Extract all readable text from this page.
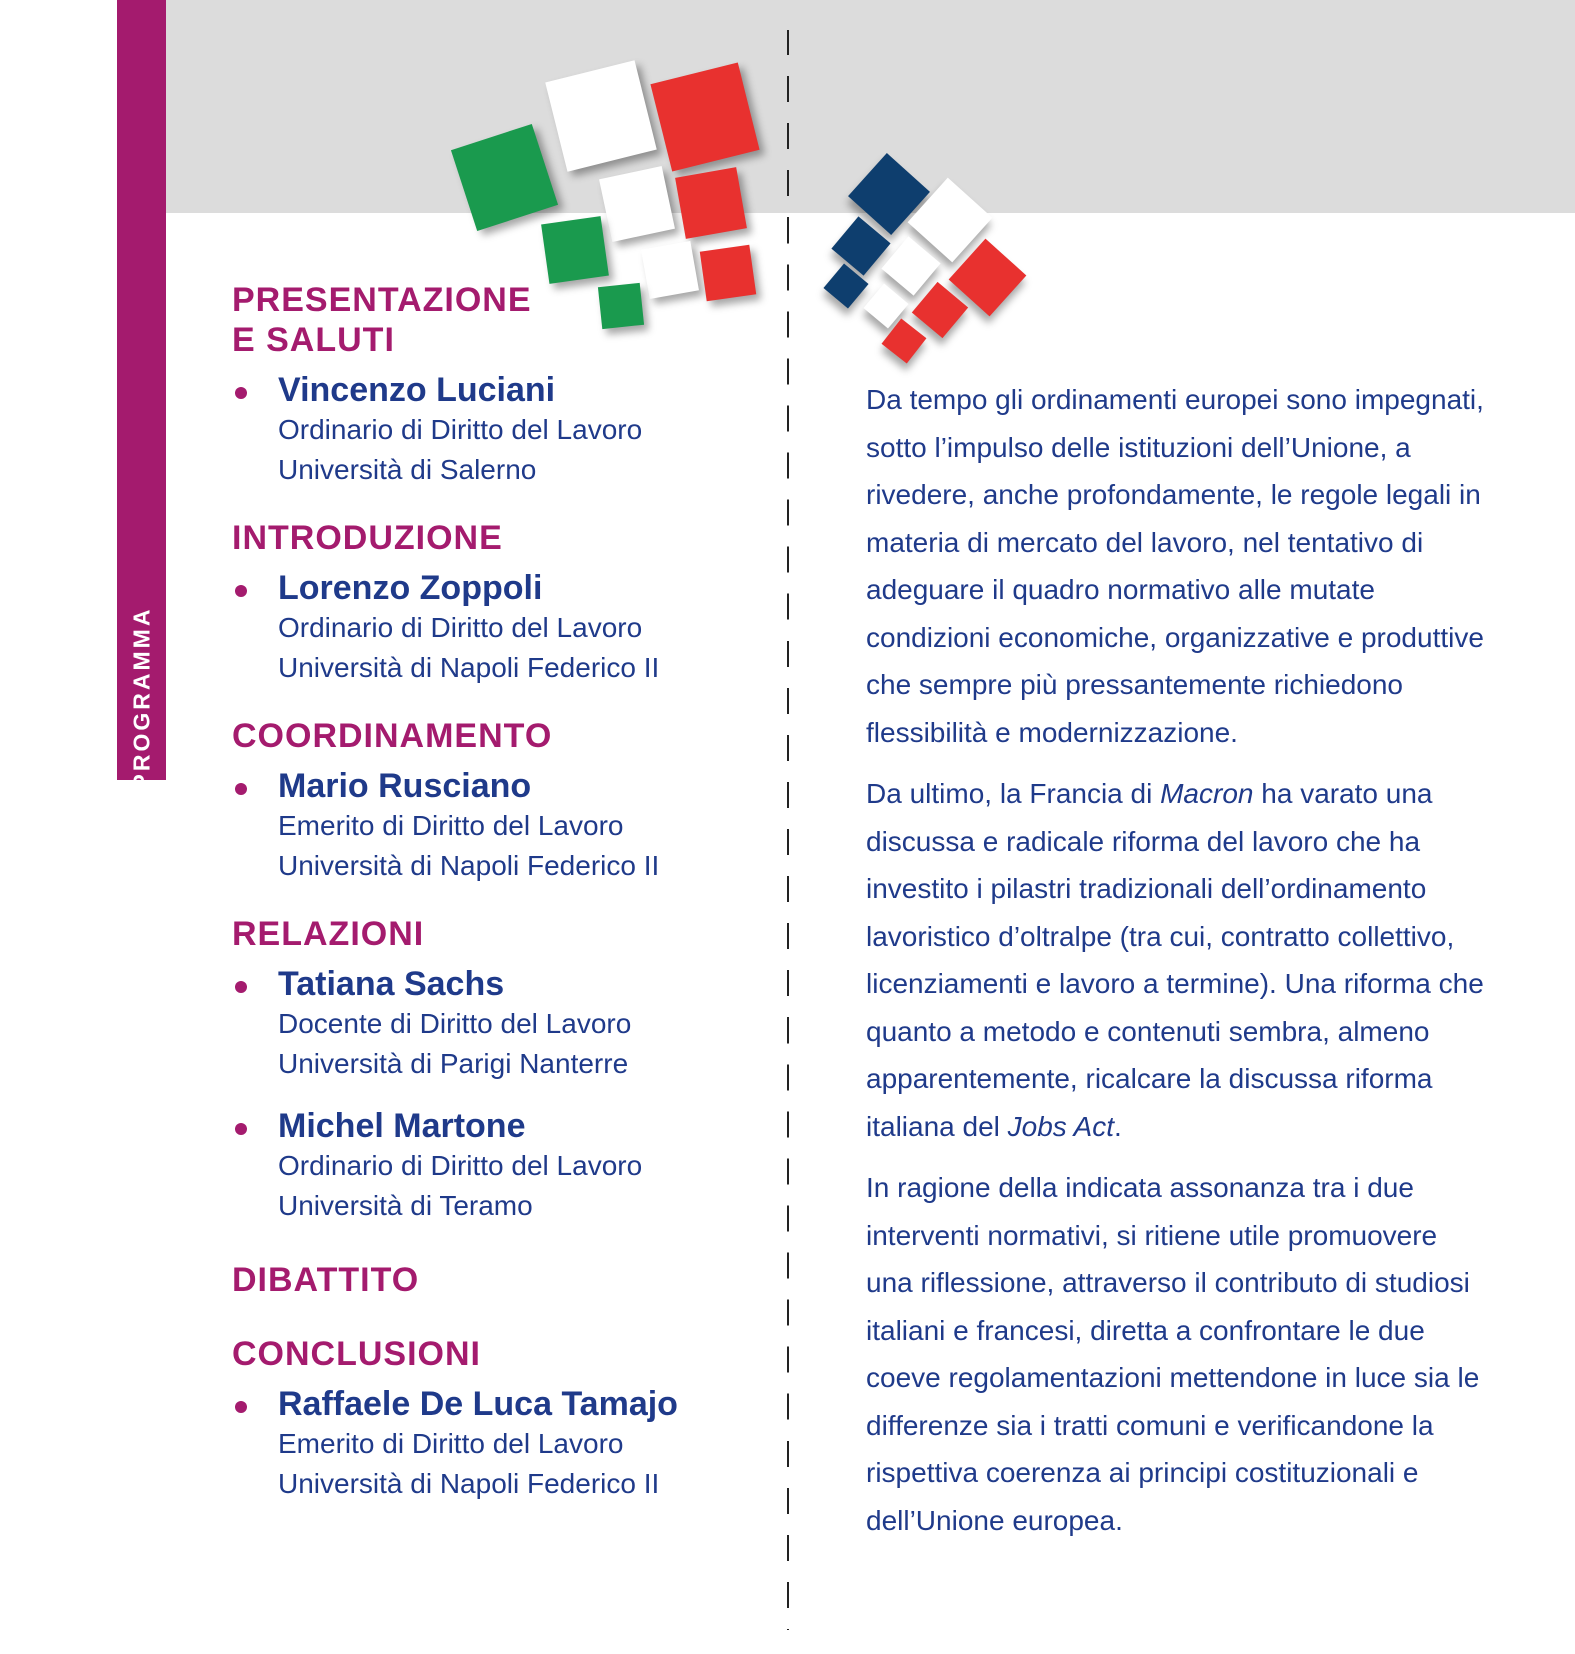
PROGRAMMA
PRESENTAZIONE
E SALUTI
Vincenzo Luciani
Ordinario di Diritto del Lavoro
Università di Salerno
INTRODUZIONE
Lorenzo Zoppoli
Ordinario di Diritto del Lavoro
Università di Napoli Federico II
COORDINAMENTO
Mario Rusciano
Emerito di Diritto del Lavoro
Università di Napoli Federico II
RELAZIONI
Tatiana Sachs
Docente di Diritto del Lavoro
Università di Parigi Nanterre
Michel Martone
Ordinario di Diritto del Lavoro
Università di Teramo
DIBATTITO
CONCLUSIONI
Raffaele De Luca Tamajo
Emerito di Diritto del Lavoro
Università di Napoli Federico II

Da tempo gli ordinamenti europei sono impegnati, sotto l’impulso delle istituzioni dell’Unione, a rivedere, anche profondamente, le regole legali in materia di mercato del lavoro, nel tentativo di adeguare il quadro normativo alle mutate condizioni economiche, organizzative e produttive che sempre più pressantemente richiedono flessibilità e modernizzazione.

Da ultimo, la Francia di Macron ha varato una discussa e radicale riforma del lavoro che ha investito i pilastri tradizionali dell’ordinamento lavoristico d’oltralpe (tra cui, contratto collettivo, licenziamenti e lavoro a termine). Una riforma che quanto a metodo e contenuti sembra, almeno apparentemente, ricalcare la discussa riforma italiana del Jobs Act.

In ragione della indicata assonanza tra i due interventi normativi, si ritiene utile promuovere una riflessione, attraverso il contributo di studiosi italiani e francesi, diretta a confrontare le due coeve regolamentazioni mettendone in luce sia le differenze sia i tratti comuni e verificandone la rispettiva coerenza ai principi costituzionali e dell’Unione europea.
